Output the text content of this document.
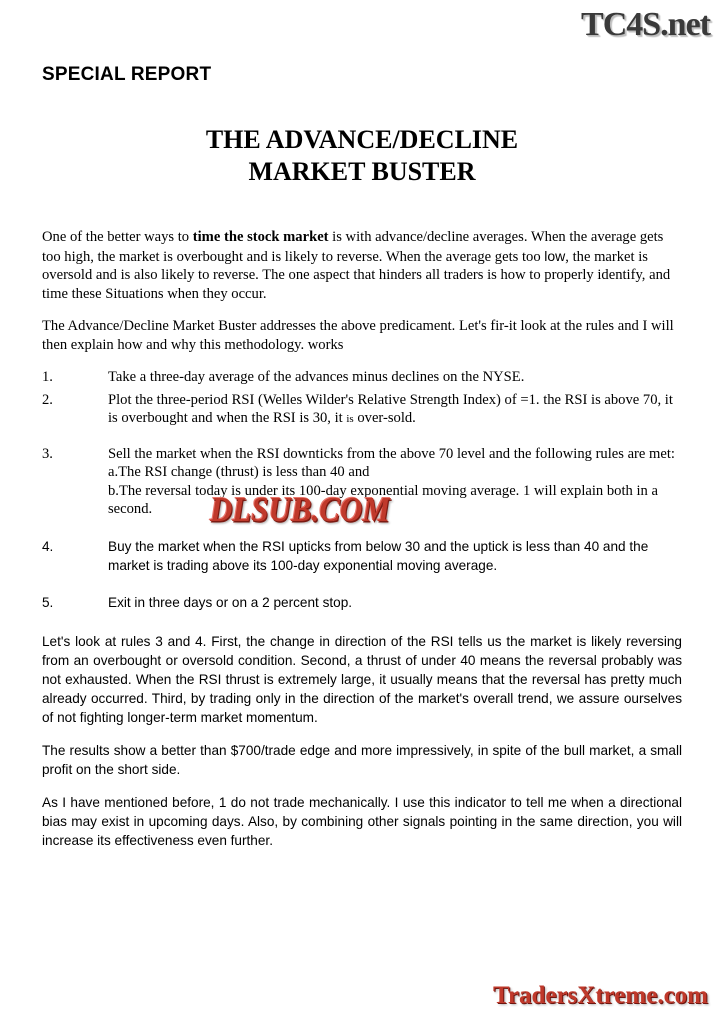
TC4S.net
SPECIAL REPORT
THE ADVANCE/DECLINE
MARKET BUSTER

One of the better ways to time the stock market is with advance/decline averages. When the average gets too high, the market is overbought and is likely to reverse. When the average gets too low, the market is oversold and is also likely to reverse. The one aspect that hinders all traders is how to properly identify, and time these Situations when they occur.

The Advance/Decline Market Buster addresses the above predicament. Let's fir-it look at the rules and I will then explain how and why this methodology. works

1.	Take a three-day average of the advances minus declines on the NYSE.
2.	Plot the three-period RSI (Welles Wilder's Relative Strength Index) of =1. the RSI is above 70, it is overbought and when the RSI is 30, it is over-sold.
3.	Sell the market when the RSI downticks from the above 70 level and the following rules are met:
a.The RSI change (thrust) is less than 40 and
b.The reversal today is under its 100-day exponential moving average. 1 will explain both in a second.
4.	Buy the market when the RSI upticks from below 30 and the uptick is less than 40 and the market is trading above its 100-day exponential moving average.
5.	Exit in three days or on a 2 percent stop.

Let's look at rules 3 and 4. First, the change in direction of the RSI tells us the market is likely reversing from an overbought or oversold condition. Second, a thrust of under 40 means the reversal probably was not exhausted. When the RSI thrust is extremely large, it usually means that the reversal has pretty much already occurred. Third, by trading only in the direction of the market's overall trend, we assure ourselves of not fighting longer-term market momentum.

The results show a better than $700/trade edge and more impressively, in spite of the bull market, a small profit on the short side.

As I have mentioned before, 1 do not trade mechanically. I use this indicator to tell me when a directional bias may exist in upcoming days. Also, by combining other signals pointing in the same direction, you will increase its effectiveness even further.

DLSUB.COM
TradersXtreme.com
